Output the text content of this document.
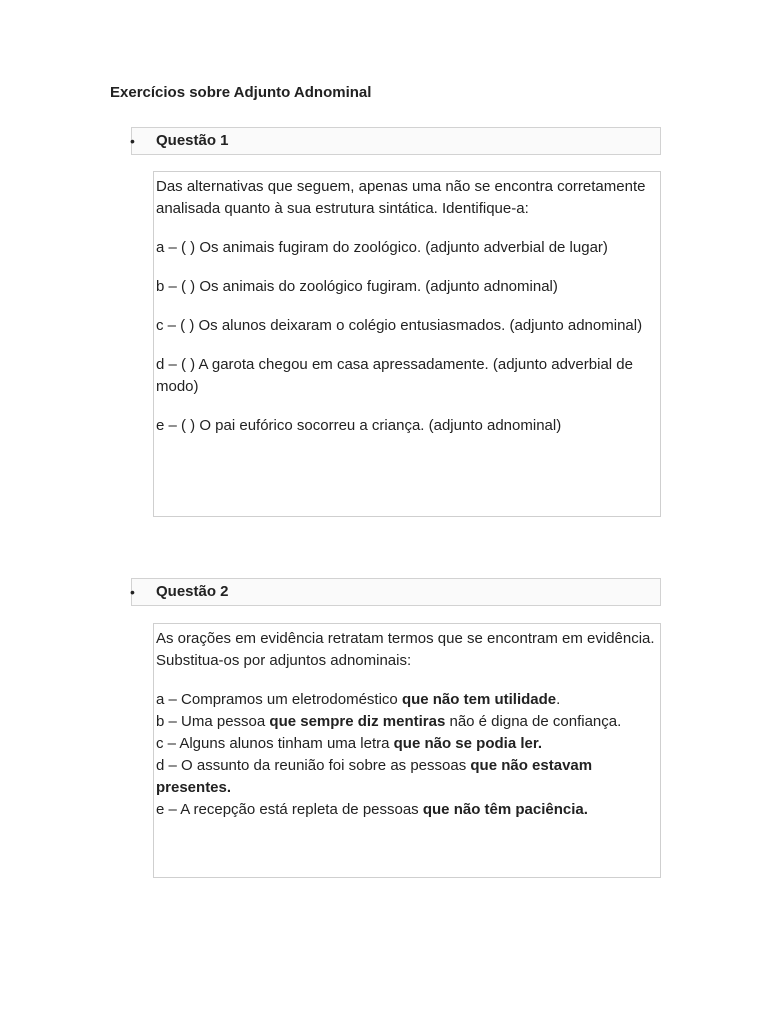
Exercícios sobre Adjunto Adnominal
• Questão 1

Das alternativas que seguem, apenas uma não se encontra corretamente analisada quanto à sua estrutura sintática. Identifique-a:

a – ( ) Os animais fugiram do zoológico. (adjunto adverbial de lugar)

b – ( ) Os animais do zoológico fugiram. (adjunto adnominal)

c – ( ) Os alunos deixaram o colégio entusiasmados. (adjunto adnominal)

d – ( ) A garota chegou em casa apressadamente. (adjunto adverbial de modo)

e – ( ) O pai eufórico socorreu a criança. (adjunto adnominal)

• Questão 2

As orações em evidência retratam termos que se encontram em evidência. Substitua-os por adjuntos adnominais:

a – Compramos um eletrodoméstico que não tem utilidade.

b – Uma pessoa que sempre diz mentiras não é digna de confiança.

c – Alguns alunos tinham uma letra que não se podia ler.

d – O assunto da reunião foi sobre as pessoas que não estavam presentes.

e – A recepção está repleta de pessoas que não têm paciência.
